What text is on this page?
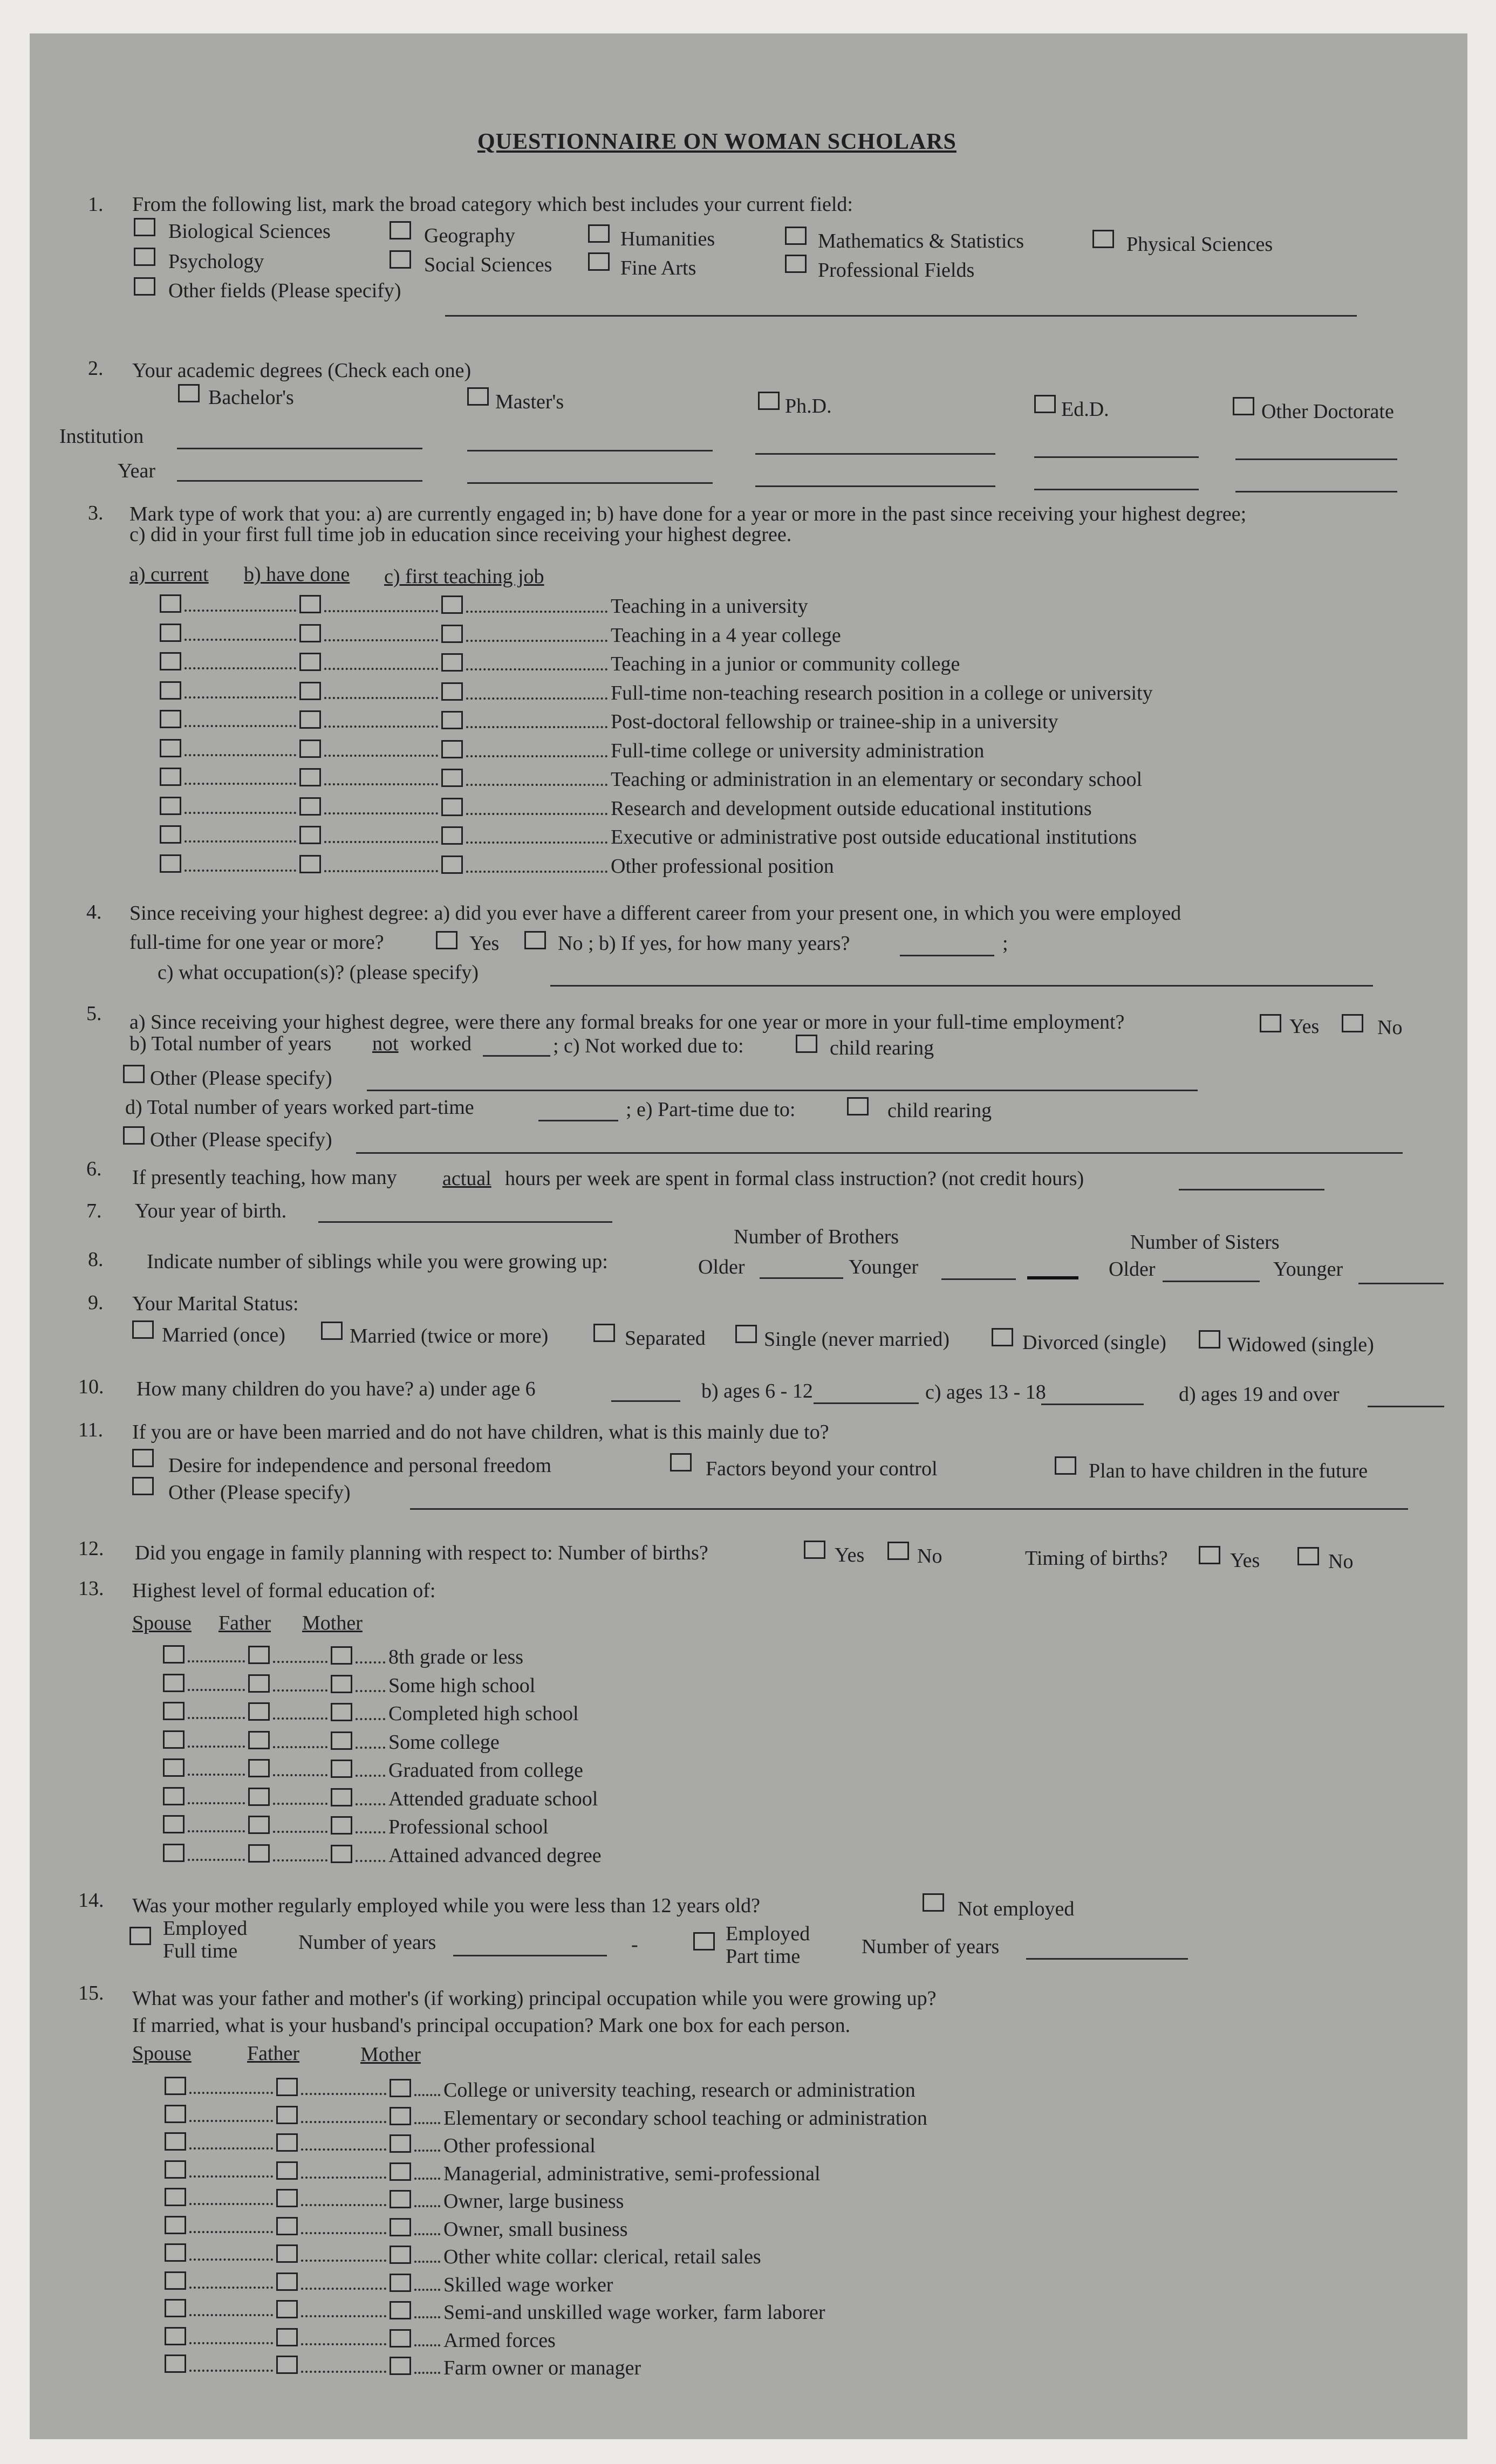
QUESTIONNAIRE ON WOMAN SCHOLARS
1. From the following list, mark the broad category which best includes your current field:
Biological Sciences	Geography	Humanities	Mathematics & Statistics	Physical Sciences
Psychology	Social Sciences	Fine Arts	Professional Fields
Other fields (Please specify)
2. Your academic degrees (Check each one)
Bachelor's	Master's	Ph.D.	Ed.D.	Other Doctorate
Institution
Year
3. Mark type of work that you: a) are currently engaged in; b) have done for a year or more in the past since receiving your highest degree;
c) did in your first full time job in education since receiving your highest degree.
a) current b) have done c) first teaching job
Teaching in a university
Teaching in a 4 year college
Teaching in a junior or community college
Full-time non-teaching research position in a college or university
Post-doctoral fellowship or trainee-ship in a university
Full-time college or university administration
Teaching or administration in an elementary or secondary school
Research and development outside educational institutions
Executive or administrative post outside educational institutions
Other professional position
4. Since receiving your highest degree: a) did you ever have a different career from your present one, in which you were employed
full-time for one year or more?	Yes	No ; b) If yes, for how many years?	;
c) what occupation(s)? (please specify)
5. a) Since receiving your highest degree, were there any formal breaks for one year or more in your full-time employment?	Yes	No
b) Total number of years not worked	; c) Not worked due to:	child rearing
Other (Please specify)
d) Total number of years worked part-time	; e) Part-time due to:	child rearing
Other (Please specify)
6. If presently teaching, how many actual hours per week are spent in formal class instruction? (not credit hours)
7. Your year of birth.
Number of Brothers	Number of Sisters
8. Indicate number of siblings while you were growing up:	Older	Younger	Older	Younger
9. Your Marital Status:
Married (once)	Married (twice or more)	Separated	Single (never married)	Divorced (single)	Widowed (single)
10. How many children do you have? a) under age 6	b) ages 6 - 12	c) ages 13 - 18	d) ages 19 and over
11. If you are or have been married and do not have children, what is this mainly due to?
Desire for independence and personal freedom	Factors beyond your control	Plan to have children in the future
Other (Please specify)
12. Did you engage in family planning with respect to: Number of births?	Yes	No	Timing of births?	Yes	No
13. Highest level of formal education of:
Spouse Father Mother
8th grade or less
Some high school
Completed high school
Some college
Graduated from college
Attended graduate school
Professional school
Attained advanced degree
14. Was your mother regularly employed while you were less than 12 years old?	Not employed
Employed
Full time	Number of years	-	Employed
Part time	Number of years
15. What was your father and mother's (if working) principal occupation while you were growing up?
If married, what is your husband's principal occupation? Mark one box for each person.
Spouse	Father	Mother
College or university teaching, research or administration
Elementary or secondary school teaching or administration
Other professional
Managerial, administrative, semi-professional
Owner, large business
Owner, small business
Other white collar: clerical, retail sales
Skilled wage worker
Semi-and unskilled wage worker, farm laborer
Armed forces
Farm owner or manager
